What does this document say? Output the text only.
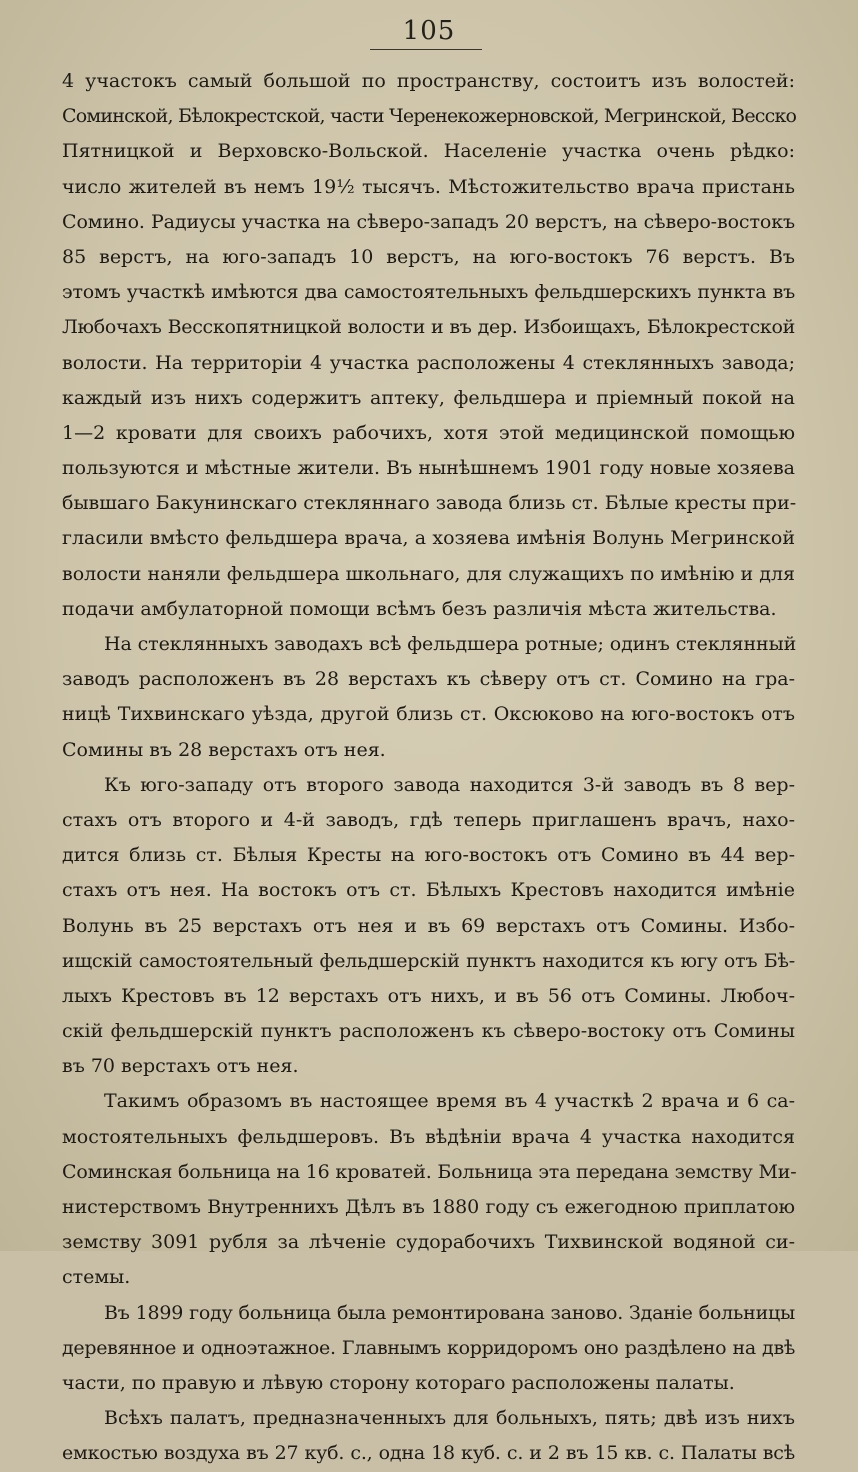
105
4 участокъ самый большой по пространству, состоитъ изъ волостей:
Соминской, Бѣлокрестской, части Черенекожерновской, Мегринской, Весско
Пятницкой и Верховско-Вольской. Населеніе участка очень рѣдко:
число жителей въ немъ 19½ тысячъ. Мѣстожительство врача пристань
Сомино. Радиусы участка на сѣверо-западъ 20 верстъ, на сѣверо-востокъ
85 верстъ, на юго-западъ 10 верстъ, на юго-востокъ 76 верстъ. Въ
этомъ участкѣ имѣются два самостоятельныхъ фельдшерскихъ пункта въ
Любочахъ Весскопятницкой волости и въ дер. Избоищахъ, Бѣлокрестской
волости. На территоріи 4 участка расположены 4 стеклянныхъ завода;
каждый изъ нихъ содержитъ аптеку, фельдшера и пріемный покой на
1—2 кровати для своихъ рабочихъ, хотя этой медицинской помощью
пользуются и мѣстные жители. Въ нынѣшнемъ 1901 году новые хозяева
бывшаго Бакунинскаго стекляннаго завода близь ст. Бѣлые кресты при-
гласили вмѣсто фельдшера врача, а хозяева имѣнія Волунь Мегринской
волости наняли фельдшера школьнаго, для служащихъ по имѣнію и для
подачи амбулаторной помощи всѣмъ безъ различія мѣста жительства.
На стеклянныхъ заводахъ всѣ фельдшера ротные; одинъ стеклянный
заводъ расположенъ въ 28 верстахъ къ сѣверу отъ ст. Сомино на гра-
ницѣ Тихвинскаго уѣзда, другой близь ст. Оксюково на юго-востокъ отъ
Сомины въ 28 верстахъ отъ нея.
Къ юго-западу отъ второго завода находится 3-й заводъ въ 8 вер-
стахъ отъ второго и 4-й заводъ, гдѣ теперь приглашенъ врачъ, нахо-
дится близь ст. Бѣлыя Кресты на юго-востокъ отъ Сомино въ 44 вер-
стахъ отъ нея. На востокъ отъ ст. Бѣлыхъ Крестовъ находится имѣніе
Волунь въ 25 верстахъ отъ нея и въ 69 верстахъ отъ Сомины. Избо-
ищскій самостоятельный фельдшерскій пунктъ находится къ югу отъ Бѣ-
лыхъ Крестовъ въ 12 верстахъ отъ нихъ, и въ 56 отъ Сомины. Любоч-
скій фельдшерскій пунктъ расположенъ къ сѣверо-востоку отъ Сомины
въ 70 верстахъ отъ нея.
Такимъ образомъ въ настоящее время въ 4 участкѣ 2 врача и 6 са-
мостоятельныхъ фельдшеровъ. Въ вѣдѣніи врача 4 участка находится
Соминская больница на 16 кроватей. Больница эта передана земству Ми-
нистерствомъ Внутреннихъ Дѣлъ въ 1880 году съ ежегодною приплатою
земству 3091 рубля за лѣченіе судорабочихъ Тихвинской водяной си-
стемы.
Въ 1899 году больница была ремонтирована заново. Зданіе больницы
деревянное и одноэтажное. Главнымъ корридоромъ оно раздѣлено на двѣ
части, по правую и лѣвую сторону котораго расположены палаты.
Всѣхъ палатъ, предназначенныхъ для больныхъ, пять; двѣ изъ нихъ
емкостью воздуха въ 27 куб. с., одна 18 куб. с. и 2 въ 15 кв. с. Палаты всѣ
